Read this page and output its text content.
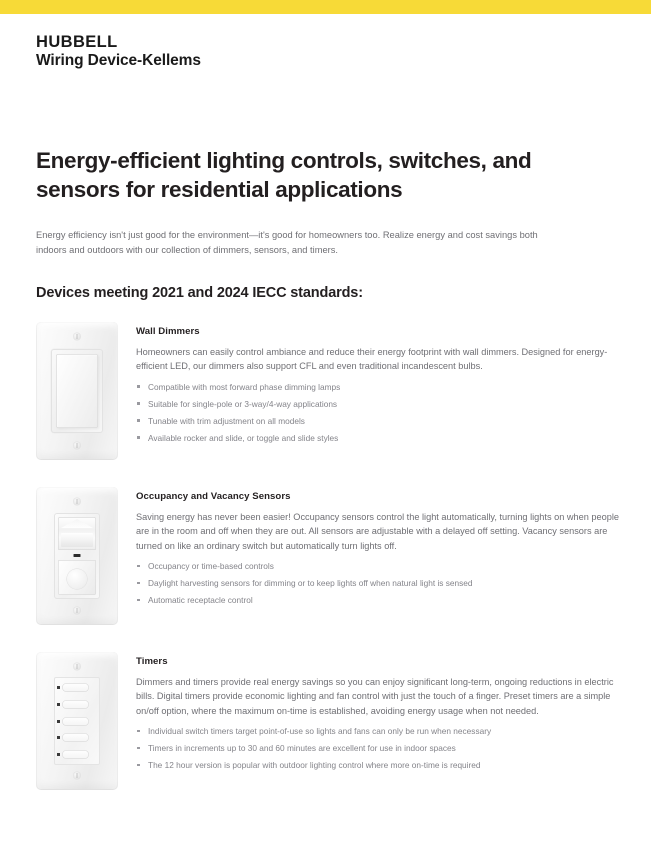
HUBBELL
Wiring Device-Kellems
Energy-efficient lighting controls, switches, and sensors for residential applications

Energy efficiency isn't just good for the environment—it's good for homeowners too. Realize energy and cost savings both indoors and outdoors with our collection of dimmers, sensors, and timers.

Devices meeting 2021 and 2024 IECC standards:
Wall Dimmers

Homeowners can easily control ambiance and reduce their energy footprint with wall dimmers. Designed for energy-efficient LED, our dimmers also support CFL and even traditional incandescent bulbs.

Compatible with most forward phase dimming lamps
Suitable for single-pole or 3-way/4-way applications
Tunable with trim adjustment on all models
Available rocker and slide, or toggle and slide styles
Occupancy and Vacancy Sensors

Saving energy has never been easier! Occupancy sensors control the light automatically, turning lights on when people are in the room and off when they are out. All sensors are adjustable with a delayed off setting. Vacancy sensors are turned on like an ordinary switch but automatically turn lights off.

Occupancy or time-based controls
Daylight harvesting sensors for dimming or to keep lights off when natural light is sensed
Automatic receptacle control
Timers

Dimmers and timers provide real energy savings so you can enjoy significant long-term, ongoing reductions in electric bills. Digital timers provide economic lighting and fan control with just the touch of a finger. Preset timers are a simple on/off option, where the maximum on-time is established, avoiding energy usage when not needed.

Individual switch timers target point-of-use so lights and fans can only be run when necessary
Timers in increments up to 30 and 60 minutes are excellent for use in indoor spaces
The 12 hour version is popular with outdoor lighting control where more on-time is required
